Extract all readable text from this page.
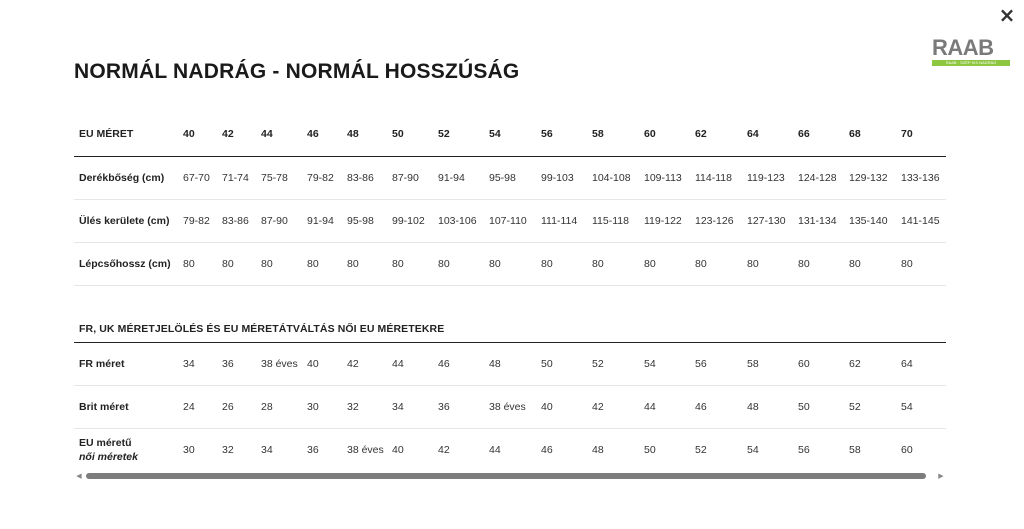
×
RAAB
RAAB · SZÉP KIS NADRÁG
NORMÁL NADRÁG - NORMÁL HOSSZÚSÁG
EU MÉRET	40	42	44	46	48	50	52	54	56	58	60	62	64	66	68	70
Derékbőség (cm)	67-70	71-74	75-78	79-82	83-86	87-90	91-94	95-98	99-103	104-108	109-113	114-118	119-123	124-128	129-132	133-136
Ülés kerülete (cm)	79-82	83-86	87-90	91-94	95-98	99-102	103-106	107-110	111-114	115-118	119-122	123-126	127-130	131-134	135-140	141-145
Lépcsőhossz (cm)	80	80	80	80	80	80	80	80	80	80	80	80	80	80	80	80
FR, UK MÉRETJELÖLÉS ÉS EU MÉRETÁTVÁLTÁS NŐI EU MÉRETEKRE
FR méret	34	36	38 éves	40	42	44	46	48	50	52	54	56	58	60	62	64
Brit méret	24	26	28	30	32	34	36	38 éves	40	42	44	46	48	50	52	54
EU méretű
női méretek	30	32	34	36	38 éves	40	42	44	46	48	50	52	54	56	58	60
◀	▶
